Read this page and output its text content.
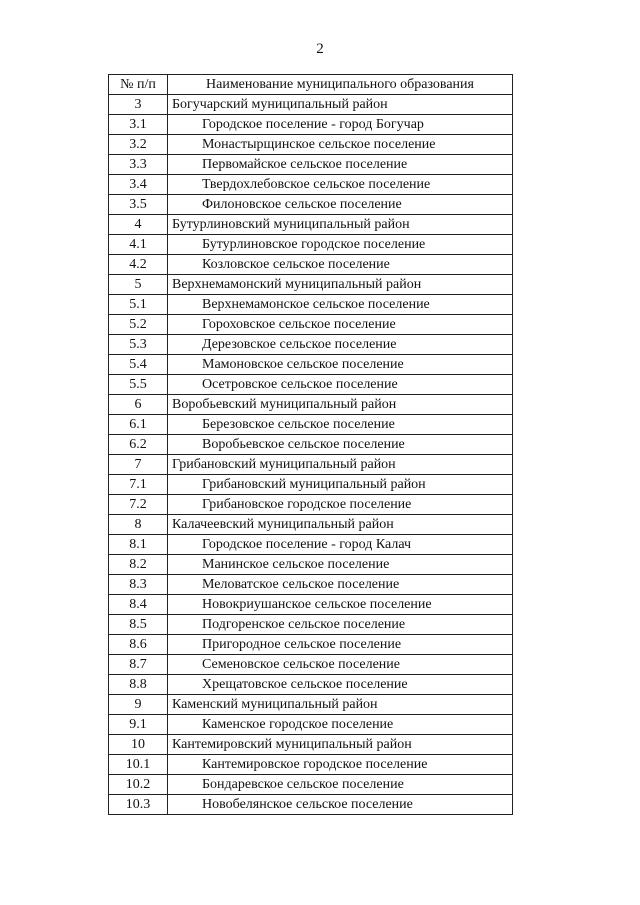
2
№ п/п	Наименование муниципального образования
3	Богучарский муниципальный район
3.1	Городское поселение - город Богучар
3.2	Монастырщинское сельское поселение
3.3	Первомайское сельское поселение
3.4	Твердохлебовское сельское поселение
3.5	Филоновское сельское поселение
4	Бутурлиновский муниципальный район
4.1	Бутурлиновское городское поселение
4.2	Козловское сельское поселение
5	Верхнемамонский муниципальный район
5.1	Верхнемамонское сельское поселение
5.2	Гороховское сельское поселение
5.3	Дерезовское сельское поселение
5.4	Мамоновское сельское поселение
5.5	Осетровское сельское поселение
6	Воробьевский муниципальный район
6.1	Березовское сельское поселение
6.2	Воробьевское сельское поселение
7	Грибановский муниципальный район
7.1	Грибановский муниципальный район
7.2	Грибановское городское поселение
8	Калачеевский муниципальный район
8.1	Городское поселение - город Калач
8.2	Манинское сельское поселение
8.3	Меловатское сельское поселение
8.4	Новокриушанское сельское поселение
8.5	Подгоренское сельское поселение
8.6	Пригородное сельское поселение
8.7	Семеновское сельское поселение
8.8	Хрещатовское сельское поселение
9	Каменский муниципальный район
9.1	Каменское городское поселение
10	Кантемировский муниципальный район
10.1	Кантемировское городское поселение
10.2	Бондаревское сельское поселение
10.3	Новобелянское сельское поселение
